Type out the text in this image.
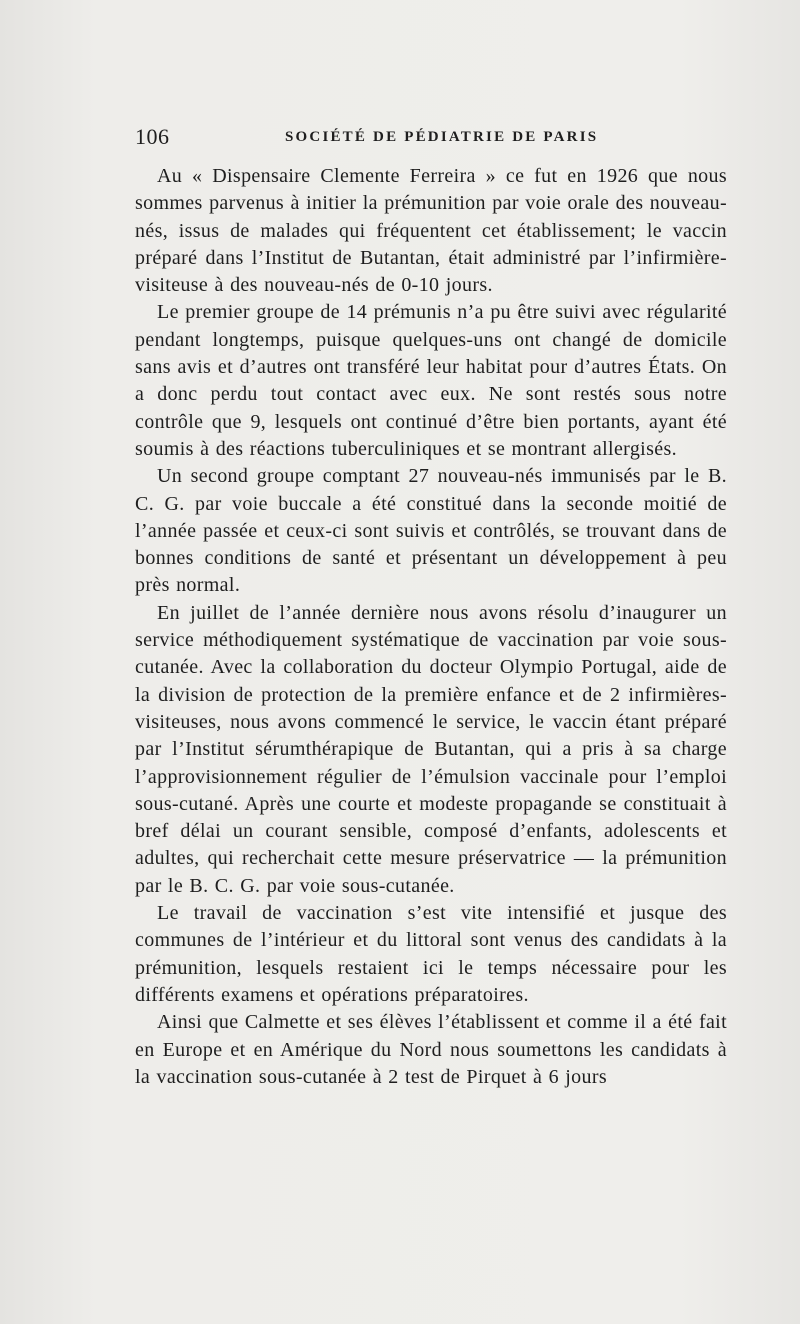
106	SOCIÉTÉ DE PÉDIATRIE DE PARIS

Au « Dispensaire Clemente Ferreira » ce fut en 1926 que nous sommes parvenus à initier la prémunition par voie orale des nouveau-nés, issus de malades qui fréquentent cet établissement; le vaccin préparé dans l’Institut de Butantan, était administré par l’infirmière-visiteuse à des nouveau-nés de 0-10 jours.

Le premier groupe de 14 prémunis n’a pu être suivi avec régularité pendant longtemps, puisque quelques-uns ont changé de domicile sans avis et d’autres ont transféré leur habitat pour d’autres États. On a donc perdu tout contact avec eux. Ne sont restés sous notre contrôle que 9, lesquels ont continué d’être bien portants, ayant été soumis à des réactions tuberculiniques et se montrant allergisés.

Un second groupe comptant 27 nouveau-nés immunisés par le B. C. G. par voie buccale a été constitué dans la seconde moitié de l’année passée et ceux-ci sont suivis et contrôlés, se trouvant dans de bonnes conditions de santé et présentant un développement à peu près normal.

En juillet de l’année dernière nous avons résolu d’inaugurer un service méthodiquement systématique de vaccination par voie sous-cutanée. Avec la collaboration du docteur Olympio Portugal, aide de la division de protection de la première enfance et de 2 infirmières-visiteuses, nous avons commencé le service, le vaccin étant préparé par l’Institut sérumthérapique de Butantan, qui a pris à sa charge l’approvisionnement régulier de l’émulsion vaccinale pour l’emploi sous-cutané. Après une courte et modeste propagande se constituait à bref délai un courant sensible, composé d’enfants, adolescents et adultes, qui recherchait cette mesure préservatrice — la prémunition par le B. C. G. par voie sous-cutanée.

Le travail de vaccination s’est vite intensifié et jusque des communes de l’intérieur et du littoral sont venus des candidats à la prémunition, lesquels restaient ici le temps nécessaire pour les différents examens et opérations préparatoires.

Ainsi que Calmette et ses élèves l’établissent et comme il a été fait en Europe et en Amérique du Nord nous soumettons les candidats à la vaccination sous-cutanée à 2 test de Pirquet à 6 jours
